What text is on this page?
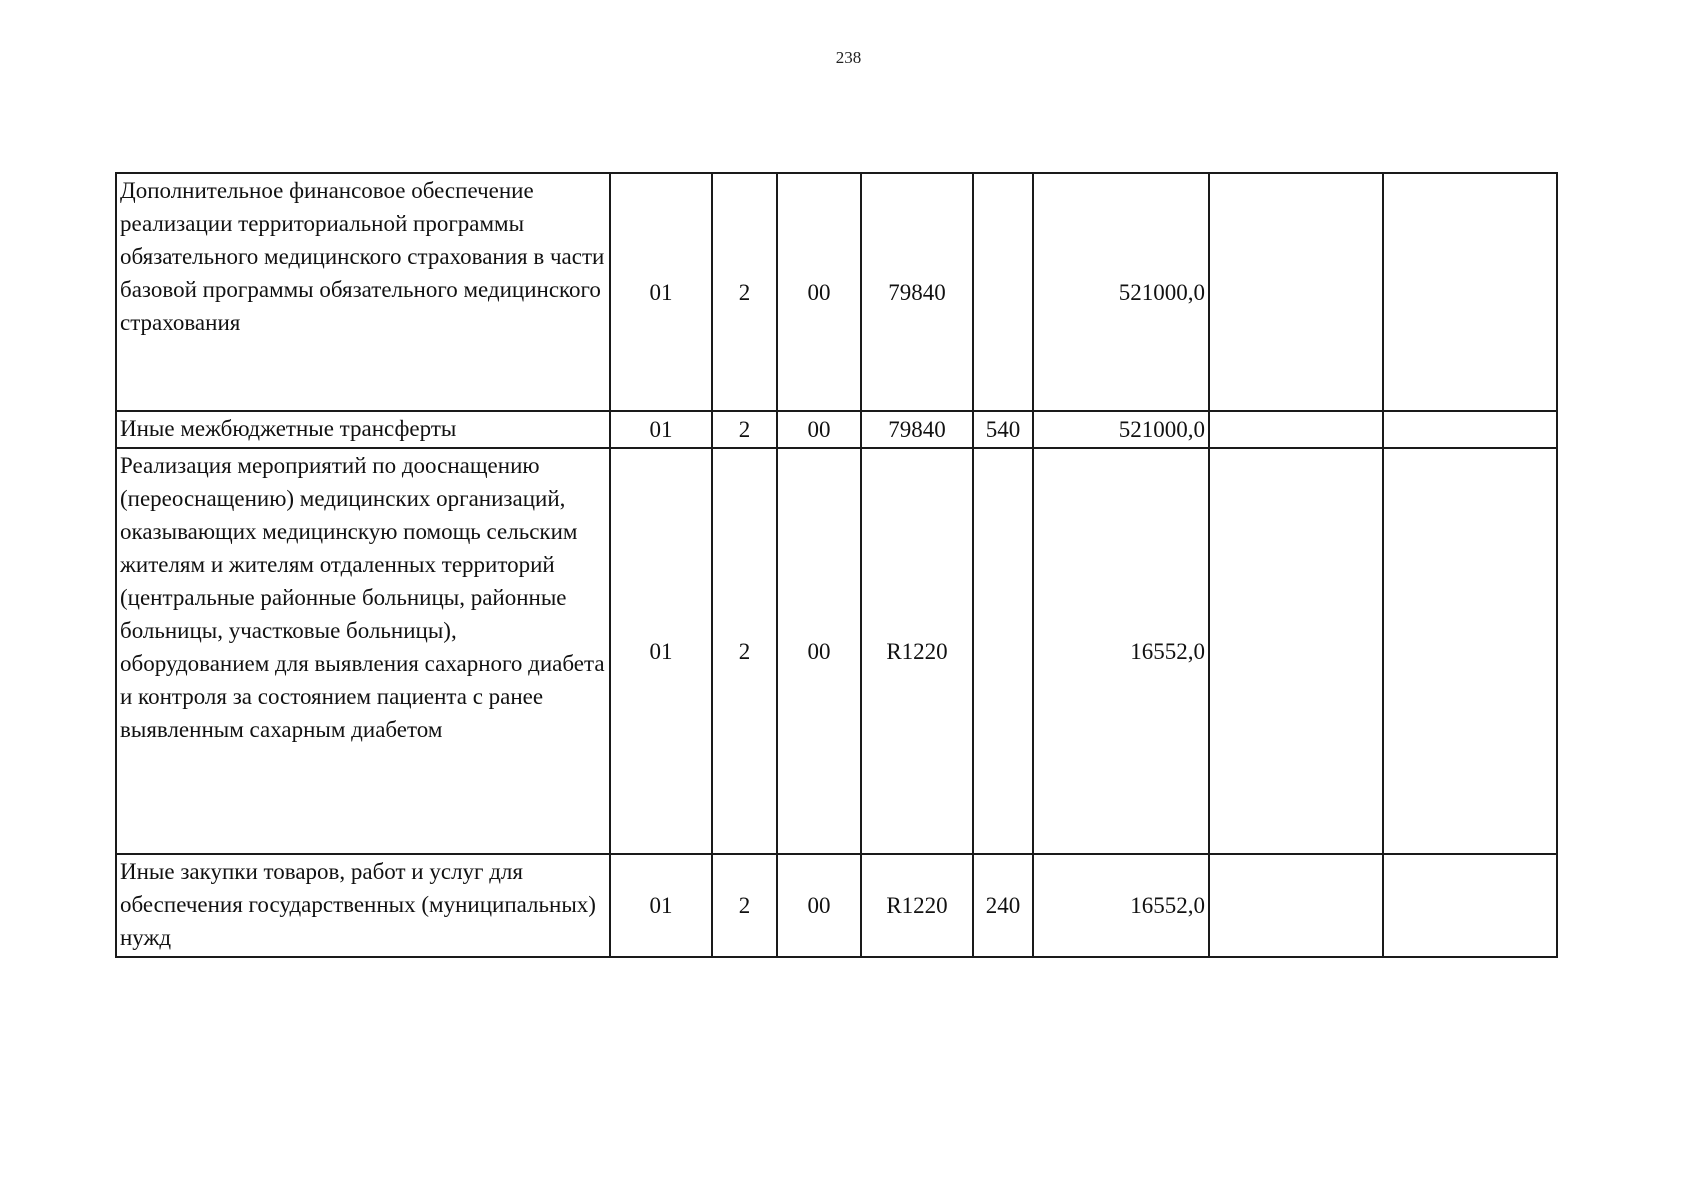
238
Дополнительное финансовое обеспечение реализации территориальной программы обязательного медицинского страхования в части базовой программы обязательного медицинского страхования	01	2	00	79840		521000,0		
Иные межбюджетные трансферты	01	2	00	79840	540	521000,0		
Реализация мероприятий по дооснащению (переоснащению) медицинских организаций, оказывающих медицинскую помощь сельским жителям и жителям отдаленных территорий (центральные районные больницы, районные больницы, участковые больницы), оборудованием для выявления сахарного диабета и контроля за состоянием пациента с ранее выявленным сахарным диабетом	01	2	00	R1220		16552,0		
Иные закупки товаров, работ и услуг для обеспечения государственных (муниципальных) нужд	01	2	00	R1220	240	16552,0		
